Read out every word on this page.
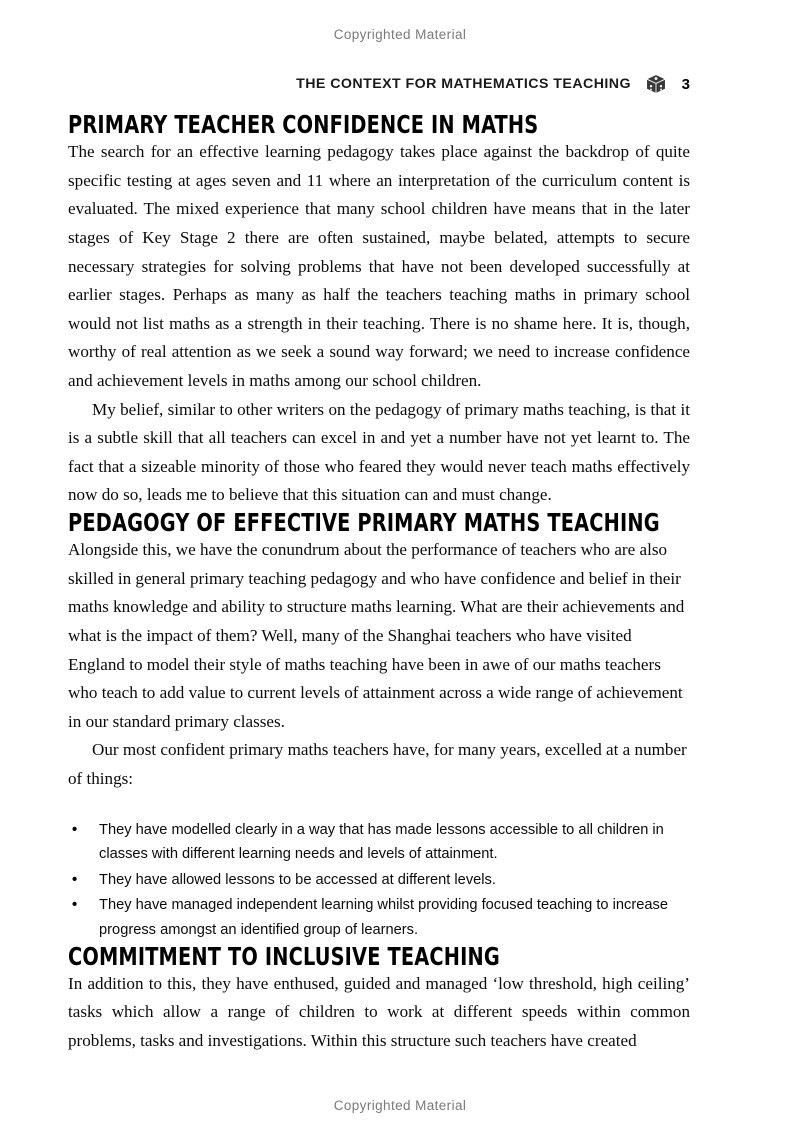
Copyrighted Material
THE CONTEXT FOR MATHEMATICS TEACHING	3
PRIMARY TEACHER CONFIDENCE IN MATHS

The search for an effective learning pedagogy takes place against the backdrop of quite specific testing at ages seven and 11 where an interpretation of the curriculum content is evaluated. The mixed experience that many school children have means that in the later stages of Key Stage 2 there are often sustained, maybe belated, attempts to secure necessary strategies for solving problems that have not been developed successfully at earlier stages. Perhaps as many as half the teachers teaching maths in primary school would not list maths as a strength in their teaching. There is no shame here. It is, though, worthy of real attention as we seek a sound way forward; we need to increase confidence and achievement levels in maths among our school children.

My belief, similar to other writers on the pedagogy of primary maths teaching, is that it is a subtle skill that all teachers can excel in and yet a number have not yet learnt to. The fact that a sizeable minority of those who feared they would never teach maths effectively now do so, leads me to believe that this situation can and must change.

PEDAGOGY OF EFFECTIVE PRIMARY MATHS TEACHING

Alongside this, we have the conundrum about the performance of teachers who are also skilled in general primary teaching pedagogy and who have confidence and belief in their maths knowledge and ability to structure maths learning. What are their achievements and what is the impact of them? Well, many of the Shanghai teachers who have visited England to model their style of maths teaching have been in awe of our maths teachers who teach to add value to current levels of attainment across a wide range of achievement in our standard primary classes.

Our most confident primary maths teachers have, for many years, excelled at a number of things:

• They have modelled clearly in a way that has made lessons accessible to all children in classes with different learning needs and levels of attainment.
• They have allowed lessons to be accessed at different levels.
• They have managed independent learning whilst providing focused teaching to increase progress amongst an identified group of learners.
COMMITMENT TO INCLUSIVE TEACHING

In addition to this, they have enthused, guided and managed ‘low threshold, high ceiling’ tasks which allow a range of children to work at different speeds within common problems, tasks and investigations. Within this structure such teachers have created

Copyrighted Material
